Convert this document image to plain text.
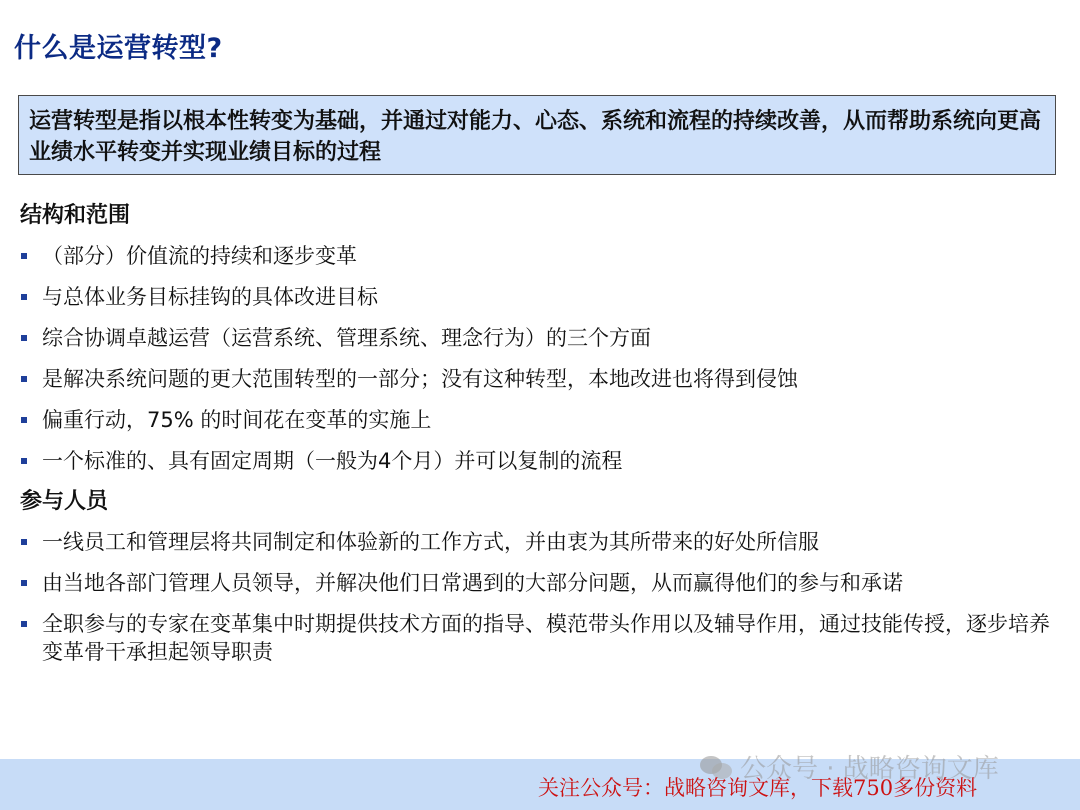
什么是运营转型?
运营转型是指以根本性转变为基础，并通过对能力、心态、系统和流程的持续改善，从而帮助系统向更高业绩水平转变并实现业绩目标的过程
结构和范围
（部分）价值流的持续和逐步变革
与总体业务目标挂钩的具体改进目标
综合协调卓越运营（运营系统、管理系统、理念行为）的三个方面
是解决系统问题的更大范围转型的一部分；没有这种转型，本地改进也将得到侵蚀
偏重行动，75% 的时间花在变革的实施上
一个标准的、具有固定周期（一般为4个月）并可以复制的流程
参与人员
一线员工和管理层将共同制定和体验新的工作方式，并由衷为其所带来的好处所信服
由当地各部门管理人员领导，并解决他们日常遇到的大部分问题，从而赢得他们的参与和承诺
全职参与的专家在变革集中时期提供技术方面的指导、模范带头作用以及辅导作用，通过技能传授，逐步培养变革骨干承担起领导职责
公众号 · 战略咨询文库
关注公众号：战略咨询文库，下载750多份资料
